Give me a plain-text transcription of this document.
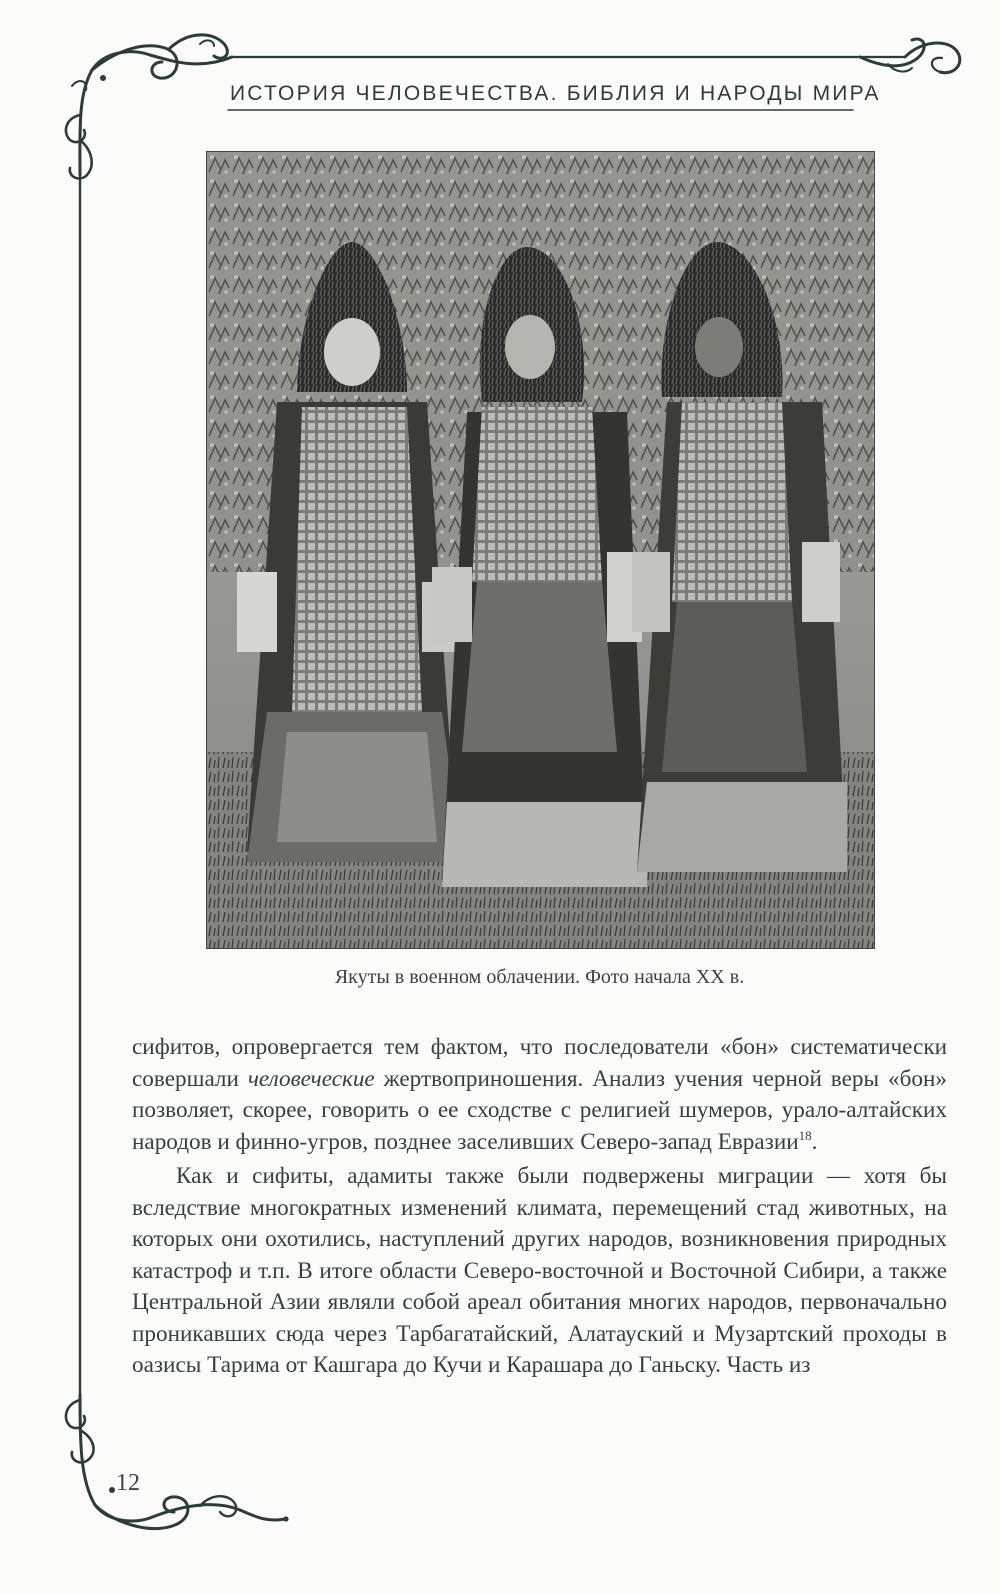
ИСТОРИЯ ЧЕЛОВЕЧЕСТВА. БИБЛИЯ И НАРОДЫ МИРА
Якуты в военном облачении. Фото начала XX в.

сифитов, опровергается тем фактом, что последователи «бон» систематически совершали человеческие жертвоприношения. Анализ учения черной веры «бон» позволяет, скорее, говорить о ее сходстве с религией шумеров, урало-алтайских народов и финно-угров, позднее заселивших Северо-запад Евразии$^{18}$.

Как и сифиты, адамиты также были подвержены миграции — хотя бы вследствие многократных изменений климата, перемещений стад животных, на которых они охотились, наступлений других народов, возникновения природных катастроф и т.п. В итоге области Северо-восточной и Восточной Сибири, а также Центральной Азии являли собой ареал обитания многих народов, первоначально проникавших сюда через Тарбагатайский, Алатауский и Музартский проходы в оазисы Тарима от Кашгара до Кучи и Карашара до Ганьску. Часть из

12
